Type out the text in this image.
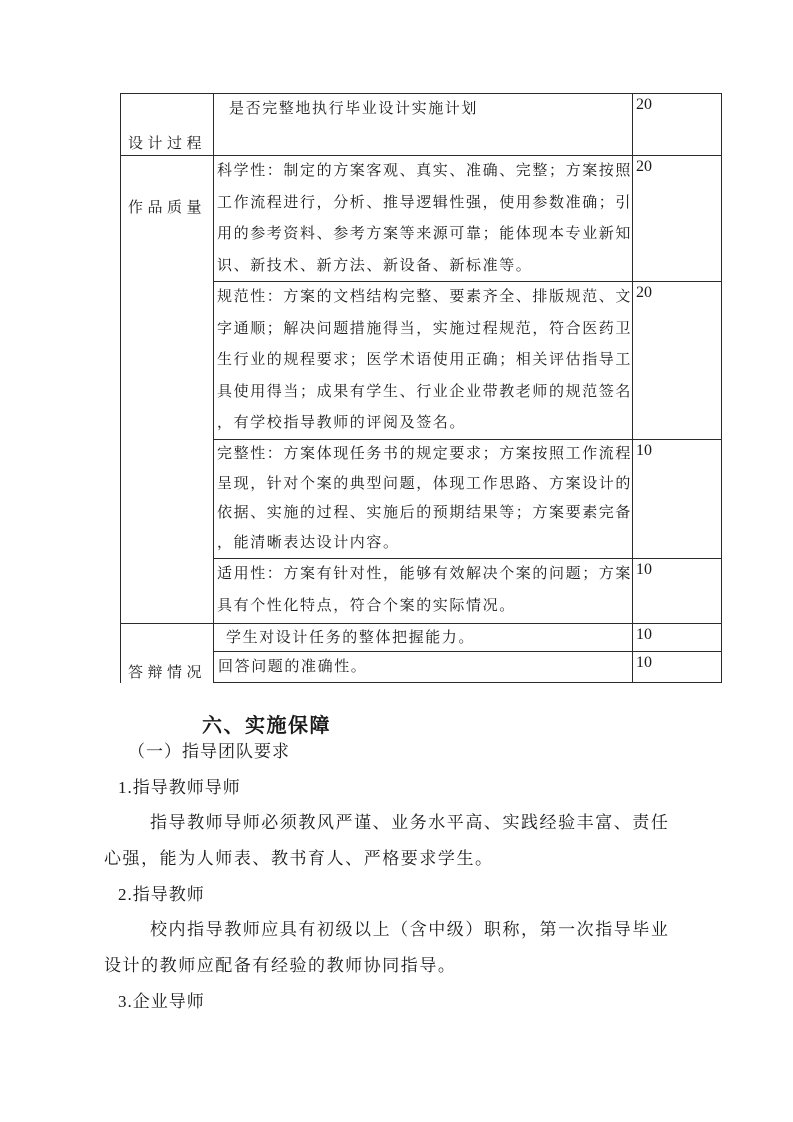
设计过程
作品质量
答辩情况
是否完整地执行毕业设计实施计划
科学性：制定的方案客观、真实、准确、完整；方案按照
工作流程进行，分析、推导逻辑性强，使用参数准确；引
用的参考资料、参考方案等来源可靠；能体现本专业新知
识、新技术、新方法、新设备、新标准等。
规范性：方案的文档结构完整、要素齐全、排版规范、文
字通顺；解决问题措施得当，实施过程规范，符合医药卫
生行业的规程要求；医学术语使用正确；相关评估指导工
具使用得当；成果有学生、行业企业带教老师的规范签名
，有学校指导教师的评阅及签名。
完整性：方案体现任务书的规定要求；方案按照工作流程
呈现，针对个案的典型问题，体现工作思路、方案设计的
依据、实施的过程、实施后的预期结果等；方案要素完备
，能清晰表达设计内容。
适用性：方案有针对性，能够有效解决个案的问题；方案
具有个性化特点，符合个案的实际情况。
学生对设计任务的整体把握能力。
回答问题的准确性。
20
20
20
10
10
10
10
六、实施保障
（一）指导团队要求
1.指导教师导师
指导教师导师必须教风严谨、业务水平高、实践经验丰富、责任
心强，能为人师表、教书育人、严格要求学生。
2.指导教师
校内指导教师应具有初级以上（含中级）职称，第一次指导毕业
设计的教师应配备有经验的教师协同指导。
3.企业导师
